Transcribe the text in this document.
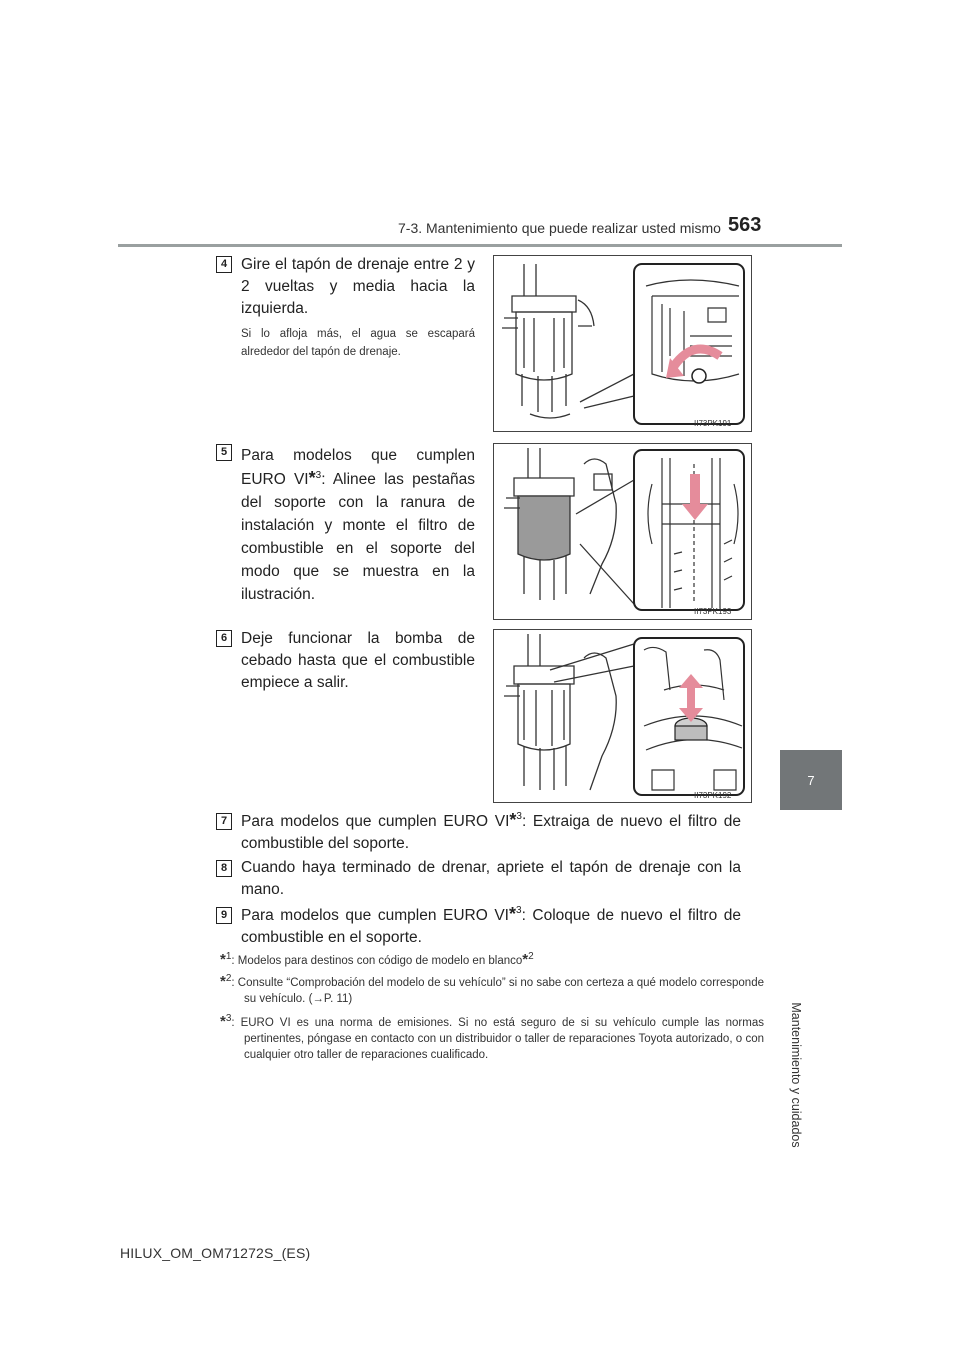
7-3. Mantenimiento que puede realizar usted mismo 563
7
Mantenimiento y cuidados
4 Gire el tapón de drenaje entre 2 y 2 vueltas y media hacia la izquierda.
Si lo afloja más, el agua se escapará alrededor del tapón de drenaje.
II73PK191
5 Para modelos que cumplen EURO VI*$^3$: Alinee las pestañas del soporte con la ranura de instalación y monte el filtro de combustible en el soporte del modo que se muestra en la ilustración.
II73PK193
6 Deje funcionar la bomba de cebado hasta que el combustible empiece a salir.
II73PK192
7 Para modelos que cumplen EURO VI*$^3$: Extraiga de nuevo el filtro de combustible del soporte.
8 Cuando haya terminado de drenar, apriete el tapón de drenaje con la mano.
9 Para modelos que cumplen EURO VI*$^3$: Coloque de nuevo el filtro de combustible en el soporte.
*1: Modelos para destinos con código de modelo en blanco*2
*2: Consulte “Comprobación del modelo de su vehículo” si no sabe con certeza a qué modelo corresponde su vehículo. (→P. 11)
*3: EURO VI es una norma de emisiones. Si no está seguro de si su vehículo cumple las normas pertinentes, póngase en contacto con un distribuidor o taller de reparaciones Toyota autorizado, o con cualquier otro taller de reparaciones cualificado.
HILUX_OM_OM71272S_(ES)
